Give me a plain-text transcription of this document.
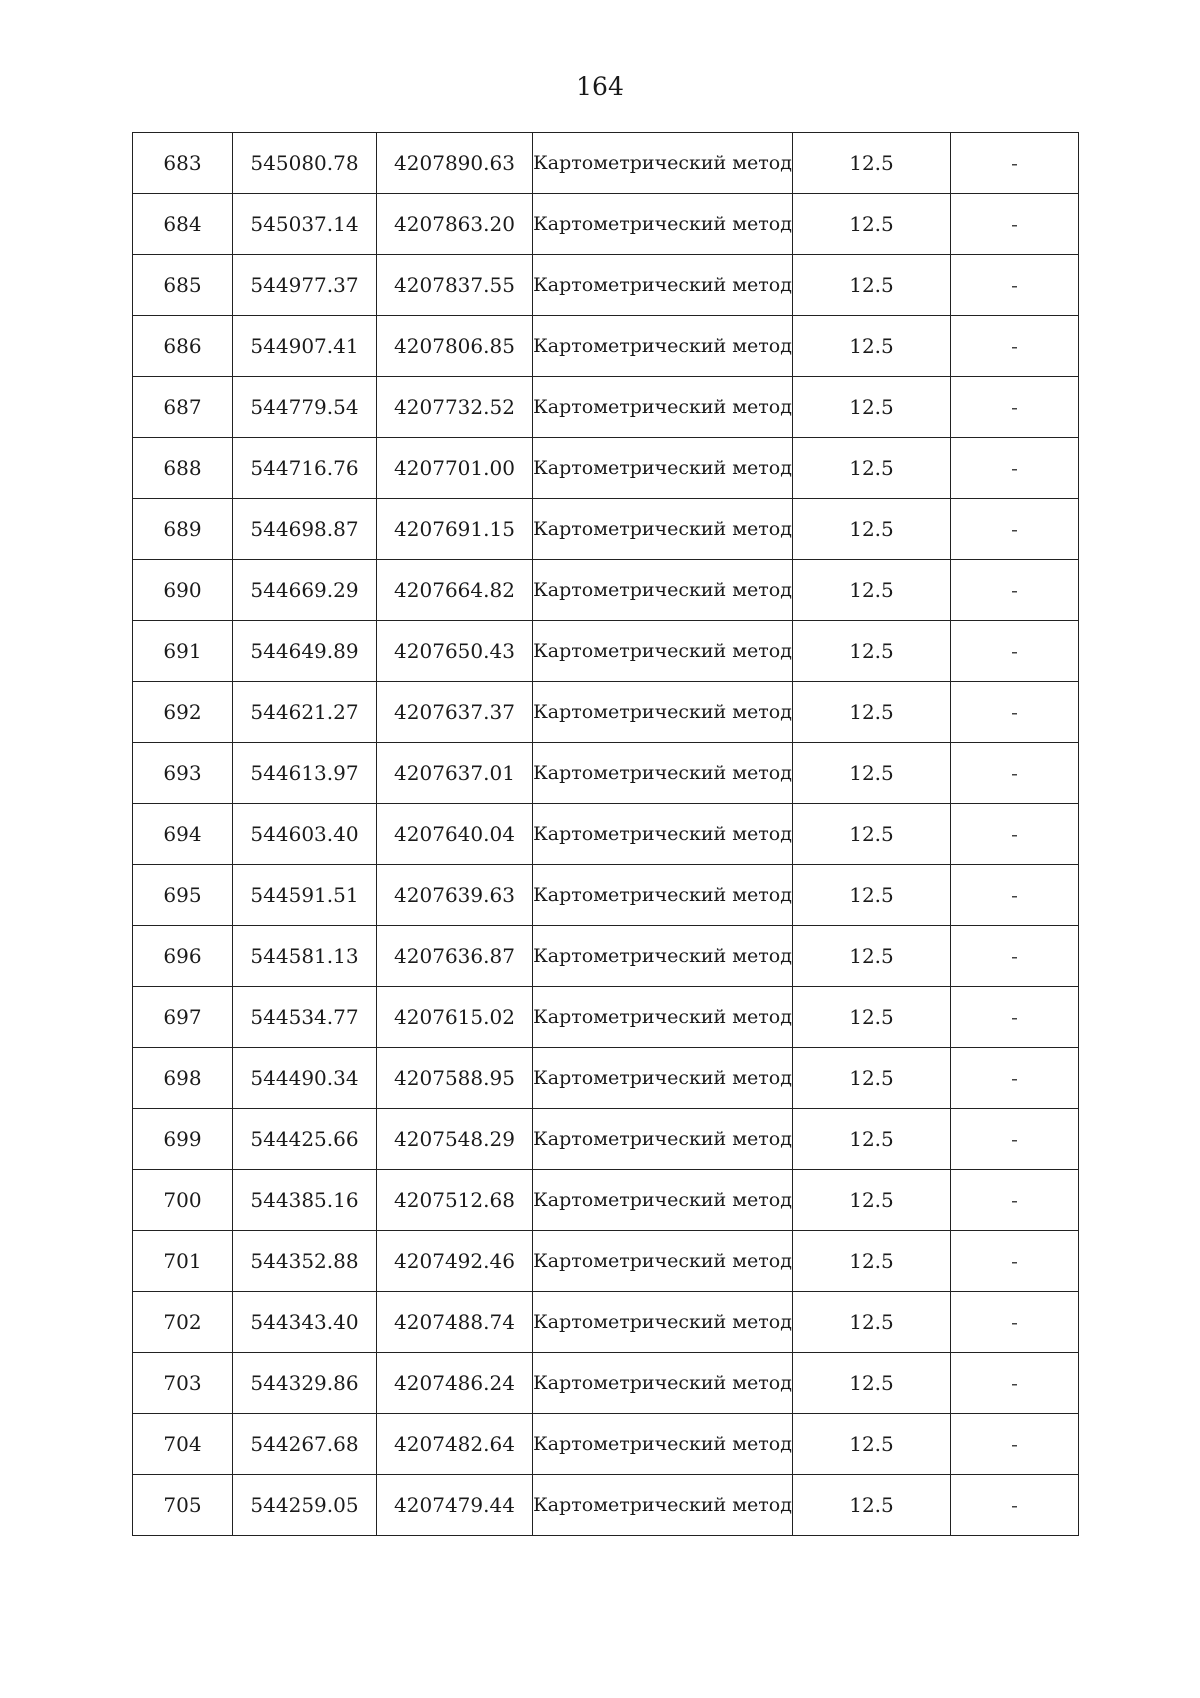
164
683	545080.78	4207890.63	Картометрический метод	12.5	-
684	545037.14	4207863.20	Картометрический метод	12.5	-
685	544977.37	4207837.55	Картометрический метод	12.5	-
686	544907.41	4207806.85	Картометрический метод	12.5	-
687	544779.54	4207732.52	Картометрический метод	12.5	-
688	544716.76	4207701.00	Картометрический метод	12.5	-
689	544698.87	4207691.15	Картометрический метод	12.5	-
690	544669.29	4207664.82	Картометрический метод	12.5	-
691	544649.89	4207650.43	Картометрический метод	12.5	-
692	544621.27	4207637.37	Картометрический метод	12.5	-
693	544613.97	4207637.01	Картометрический метод	12.5	-
694	544603.40	4207640.04	Картометрический метод	12.5	-
695	544591.51	4207639.63	Картометрический метод	12.5	-
696	544581.13	4207636.87	Картометрический метод	12.5	-
697	544534.77	4207615.02	Картометрический метод	12.5	-
698	544490.34	4207588.95	Картометрический метод	12.5	-
699	544425.66	4207548.29	Картометрический метод	12.5	-
700	544385.16	4207512.68	Картометрический метод	12.5	-
701	544352.88	4207492.46	Картометрический метод	12.5	-
702	544343.40	4207488.74	Картометрический метод	12.5	-
703	544329.86	4207486.24	Картометрический метод	12.5	-
704	544267.68	4207482.64	Картометрический метод	12.5	-
705	544259.05	4207479.44	Картометрический метод	12.5	-
